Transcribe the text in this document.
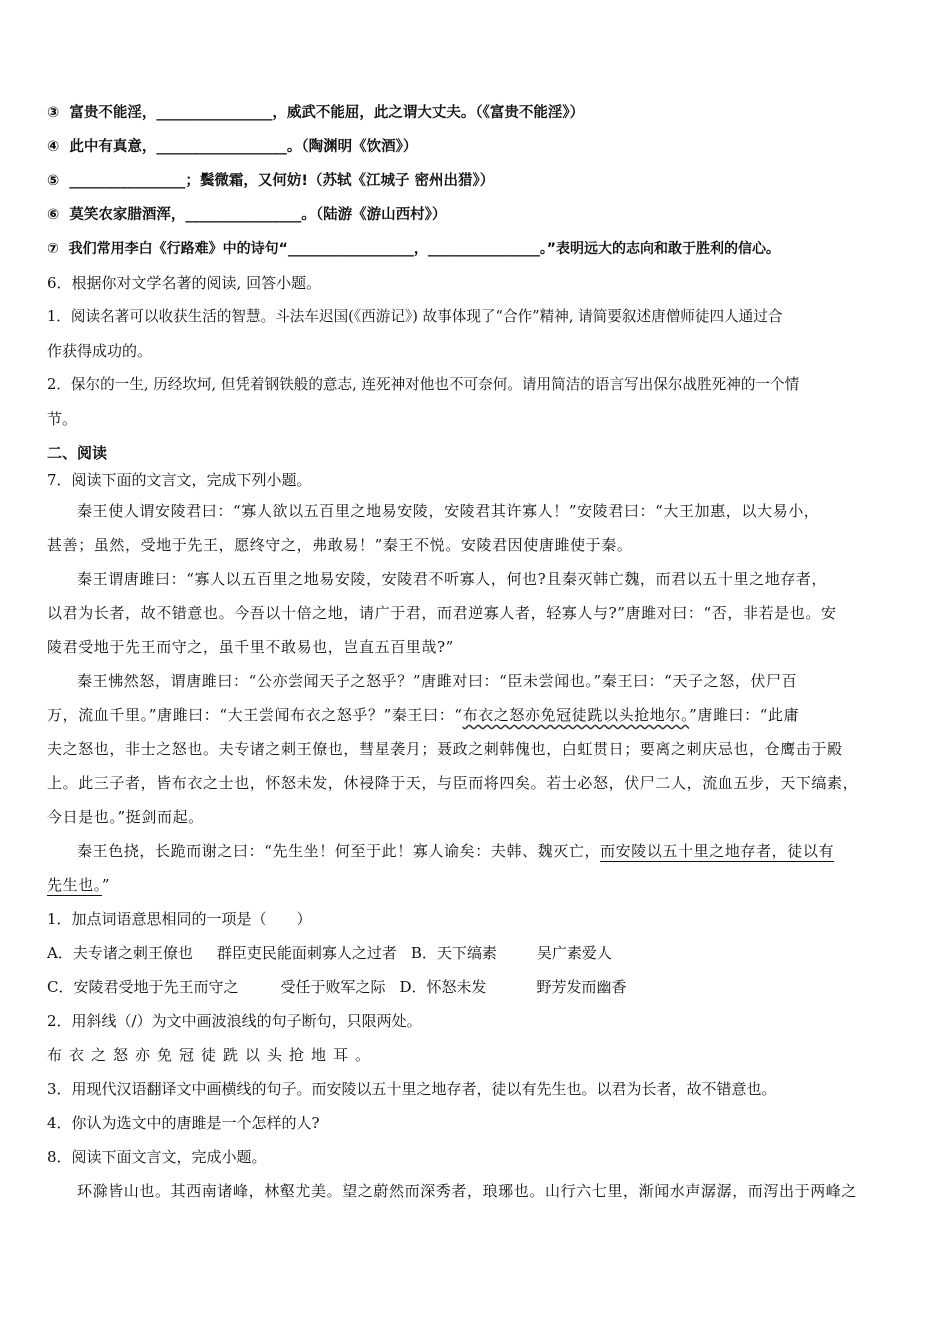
③ 富贵不能淫，________________，威武不能屈，此之谓大丈夫。（《富贵不能淫》）
④ 此中有真意，__________________。（陶渊明《饮酒》）
⑤ ________________；鬓微霜，又何妨!（苏轼《江城子 密州出猎》）
⑥ 莫笑农家腊酒浑，________________。（陆游《游山西村》）
⑦ 我们常用李白《行路难》中的诗句“__________________，________________。”表明远大的志向和敢于胜利的信心。
6．根据你对文学名著的阅读, 回答小题。
1．阅读名著可以收获生活的智慧。斗法车迟国(《西游记》) 故事体现了“合作”精神, 请简要叙述唐僧师徒四人通过合
作获得成功的。
2．保尔的一生, 历经坎坷, 但凭着钢铁般的意志, 连死神对他也不可奈何。请用简洁的语言写出保尔战胜死神的一个情
节。
二、阅读
7．阅读下面的文言文，完成下列小题。
秦王使人谓安陵君曰：“寡人欲以五百里之地易安陵，安陵君其许寡人！”安陵君曰：“大王加惠，以大易小，
甚善；虽然，受地于先王，愿终守之，弗敢易！”秦王不悦。安陵君因使唐雎使于秦。
秦王谓唐雎曰：“寡人以五百里之地易安陵，安陵君不听寡人，何也?且秦灭韩亡魏，而君以五十里之地存者，
以君为长者，故不错意也。今吾以十倍之地，请广于君，而君逆寡人者，轻寡人与?”唐雎对曰：“否，非若是也。安
陵君受地于先王而守之，虽千里不敢易也，岂直五百里哉?”
秦王怫然怒，谓唐雎曰：“公亦尝闻天子之怒乎？”唐雎对曰：“臣未尝闻也。”秦王曰：“天子之怒，伏尸百
万，流血千里。”唐雎曰：“大王尝闻布衣之怒乎？”秦王曰：“布衣之怒亦免冠徒跣以头抢地尔。”唐雎曰：“此庸
夫之怒也，非士之怒也。夫专诸之刺王僚也，彗星袭月；聂政之刺韩傀也，白虹贯日；要离之刺庆忌也，仓鹰击于殿
上。此三子者，皆布衣之士也，怀怒未发，休祲降于天，与臣而将四矣。若士必怒，伏尸二人，流血五步，天下缟素，
今日是也。”挺剑而起。
秦王色挠，长跪而谢之曰：“先生坐！何至于此！寡人谕矣：夫韩、魏灭亡，而安陵以五十里之地存者，徒以有
先生也。”
1．加点词语意思相同的一项是（　　）
A．夫专诸之刺王僚也 群臣吏民能面刺寡人之过者 B．天下缟素	吴广素爱人
C．安陵君受地于先王而守之	受任于败军之际 D．怀怒未发	野芳发而幽香
2．用斜线（/）为文中画波浪线的句子断句，只限两处。
布衣之怒亦免冠徒跣以头抢地耳。
3．用现代汉语翻译文中画横线的句子。而安陵以五十里之地存者，徒以有先生也。以君为长者，故不错意也。
4．你认为选文中的唐雎是一个怎样的人?
8．阅读下面文言文，完成小题。
环滁皆山也。其西南诸峰，林壑尤美。望之蔚然而深秀者，琅琊也。山行六七里，渐闻水声潺潺，而泻出于两峰之
